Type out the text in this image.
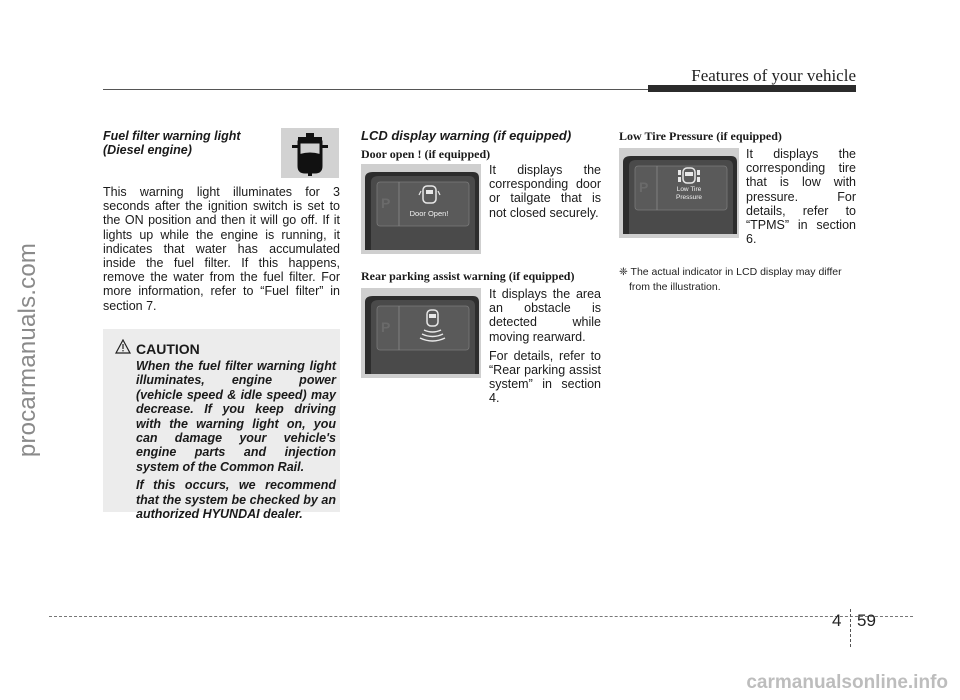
procarmanuals.com
carmanualsonline.info
Features of your vehicle
Fuel filter warning light
(Diesel engine)
This warning light illuminates for 3 seconds after the ignition switch is set to the ON position and then it will go off. If it lights up while the engine is running, it indicates that water has accumulated inside the fuel filter. If this happens, remove the water from the fuel filter. For more information, refer to “Fuel filter” in section 7.
CAUTION
When the fuel filter warning light illuminates, engine power (vehicle speed & idle speed) may decrease. If you keep driving with the warning light on, you can damage your vehicle's engine parts and injection system of the Common Rail.
If this occurs, we recommend that the system be checked by an authorized HYUNDAI dealer.
LCD display warning (if equipped)
Door open ! (if equipped)
P
Door Open!
It displays the corresponding door or tailgate that is not closed securely.
Rear parking assist warning (if equipped)
P
It displays the area an obstacle is detected while moving rearward.
For details, refer to “Rear parking assist system” in section 4.
Low Tire Pressure (if equipped)
P	Low Tire
Pressure
It displays the corresponding tire that is low with pressure. For details, refer to “TPMS” in section 6.
❈ The actual indicator in LCD display may differ from the illustration.
4 59
